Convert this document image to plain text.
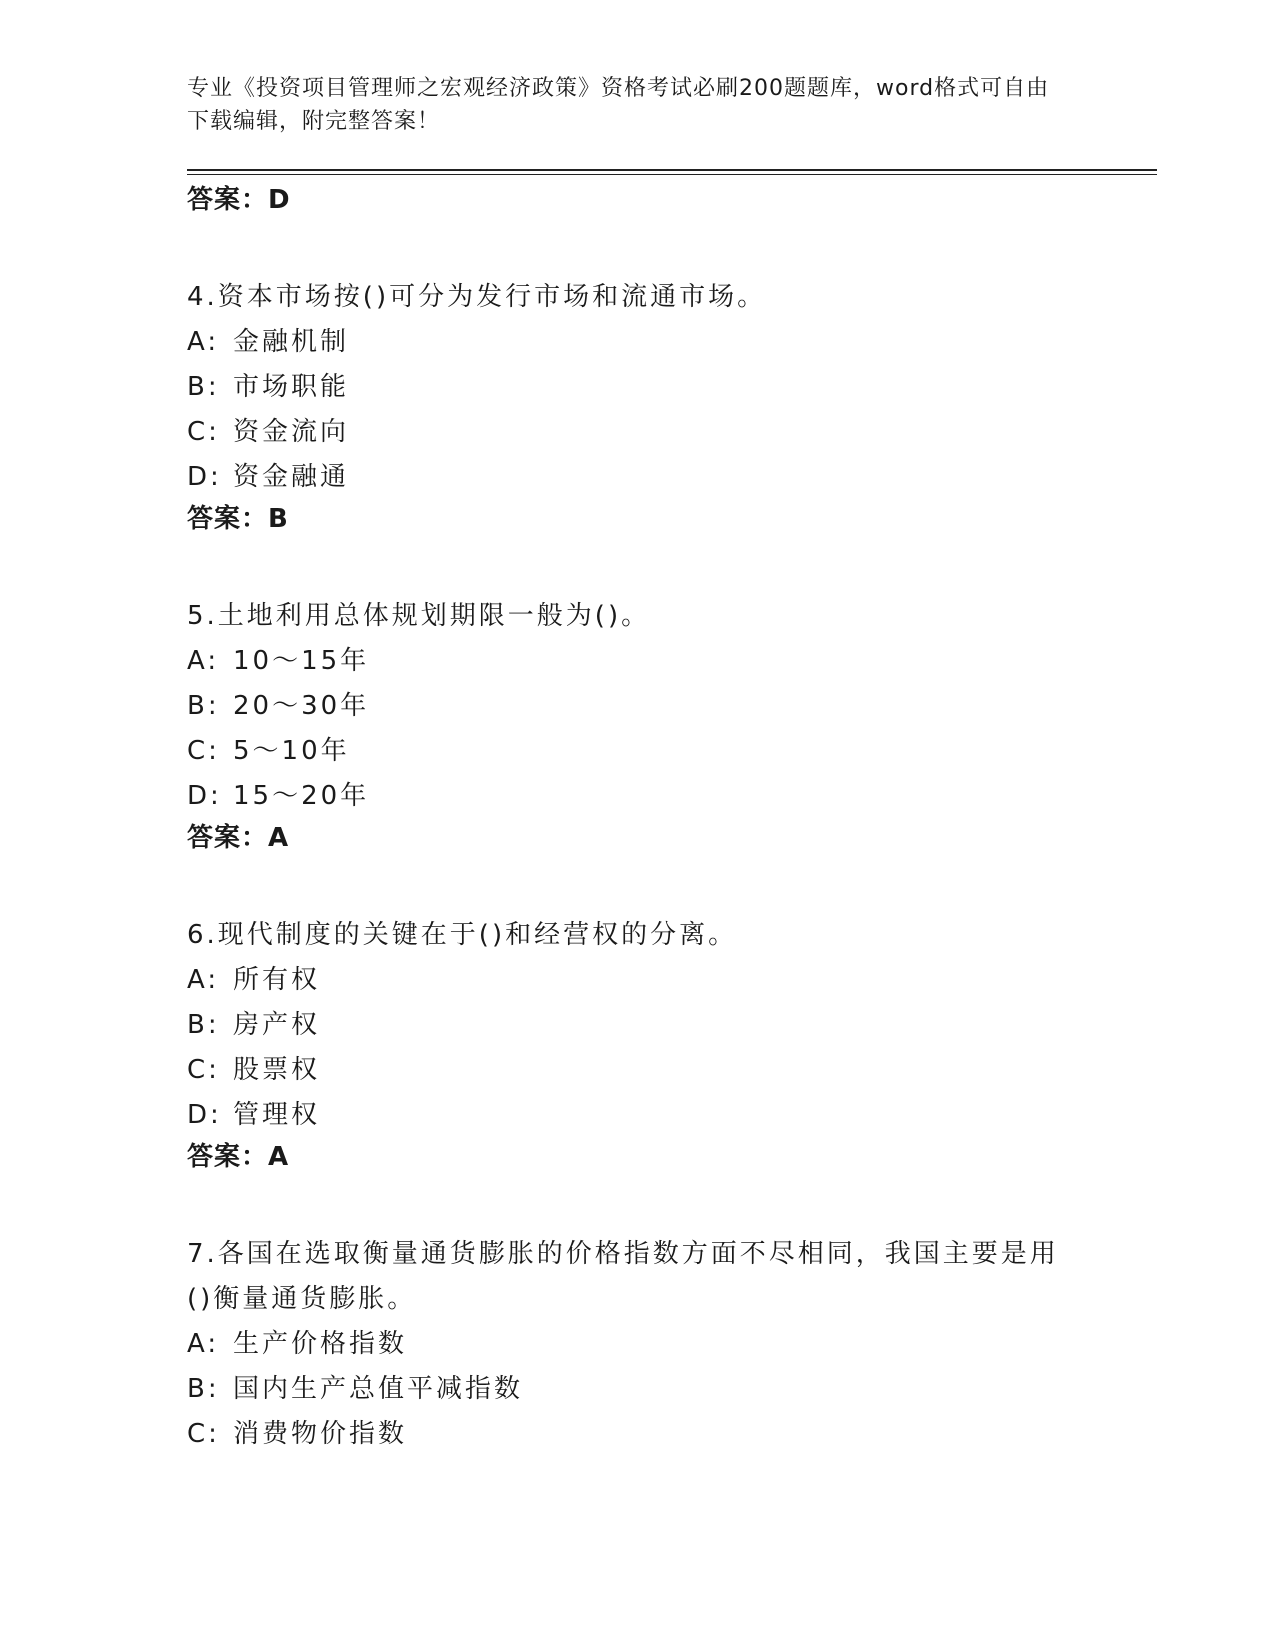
专业《投资项目管理师之宏观经济政策》资格考试必刷200题题库，word格式可自由下载编辑，附完整答案！

答案：D

4.资本市场按()可分为发行市场和流通市场。

A: 金融机制

B: 市场职能

C: 资金流向

D: 资金融通

答案：B

5.土地利用总体规划期限一般为()。

A: 10～15年

B: 20～30年

C: 5～10年

D: 15～20年

答案：A

6.现代制度的关键在于()和经营权的分离。

A: 所有权

B: 房产权

C: 股票权

D: 管理权

答案：A

7.各国在选取衡量通货膨胀的价格指数方面不尽相同，我国主要是用()衡量通货膨胀。

A: 生产价格指数

B: 国内生产总值平减指数

C: 消费物价指数
